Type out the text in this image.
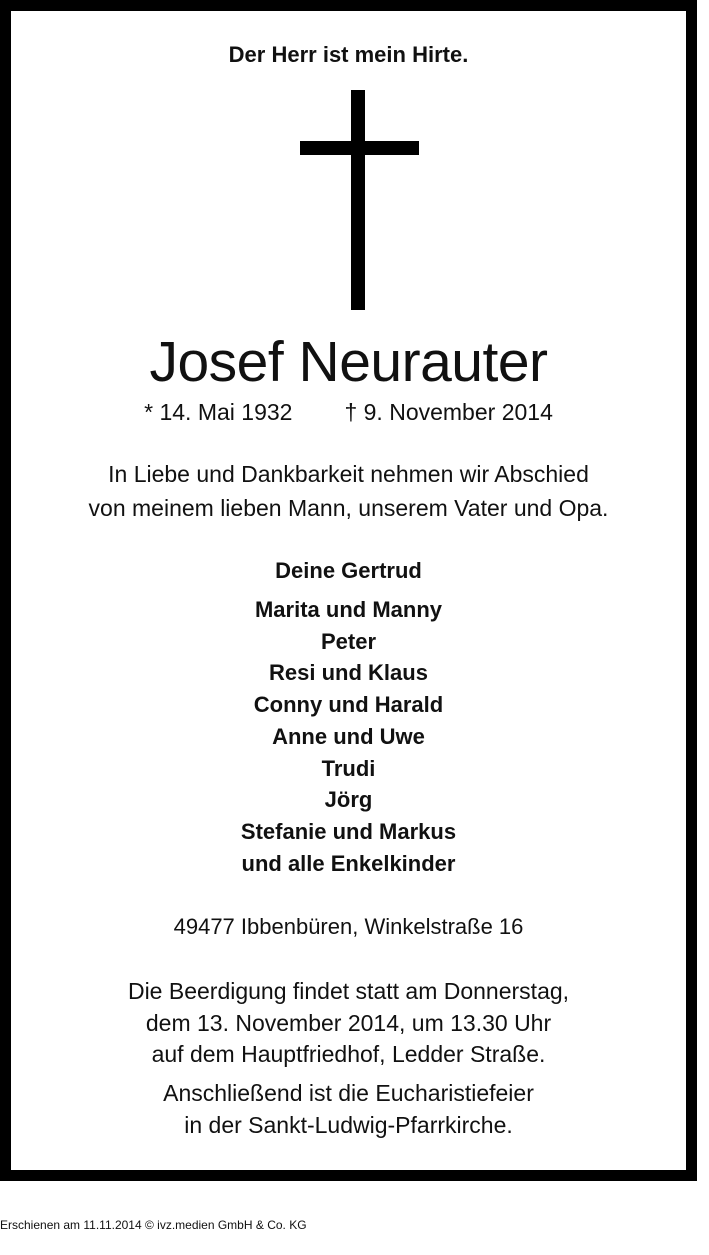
Der Herr ist mein Hirte.
Josef Neurauter
* 14. Mai 1932 † 9. November 2014
In Liebe und Dankbarkeit nehmen wir Abschied
von meinem lieben Mann, unserem Vater und Opa.
Deine Gertrud
Marita und Manny
Peter
Resi und Klaus
Conny und Harald
Anne und Uwe
Trudi
Jörg
Stefanie und Markus
und alle Enkelkinder
49477 Ibbenbüren, Winkelstraße 16
Die Beerdigung findet statt am Donnerstag,
dem 13. November 2014, um 13.30 Uhr
auf dem Hauptfriedhof, Ledder Straße.
Anschließend ist die Eucharistiefeier
in der Sankt-Ludwig-Pfarrkirche.
Erschienen am 11.11.2014 © ivz.medien GmbH & Co. KG
